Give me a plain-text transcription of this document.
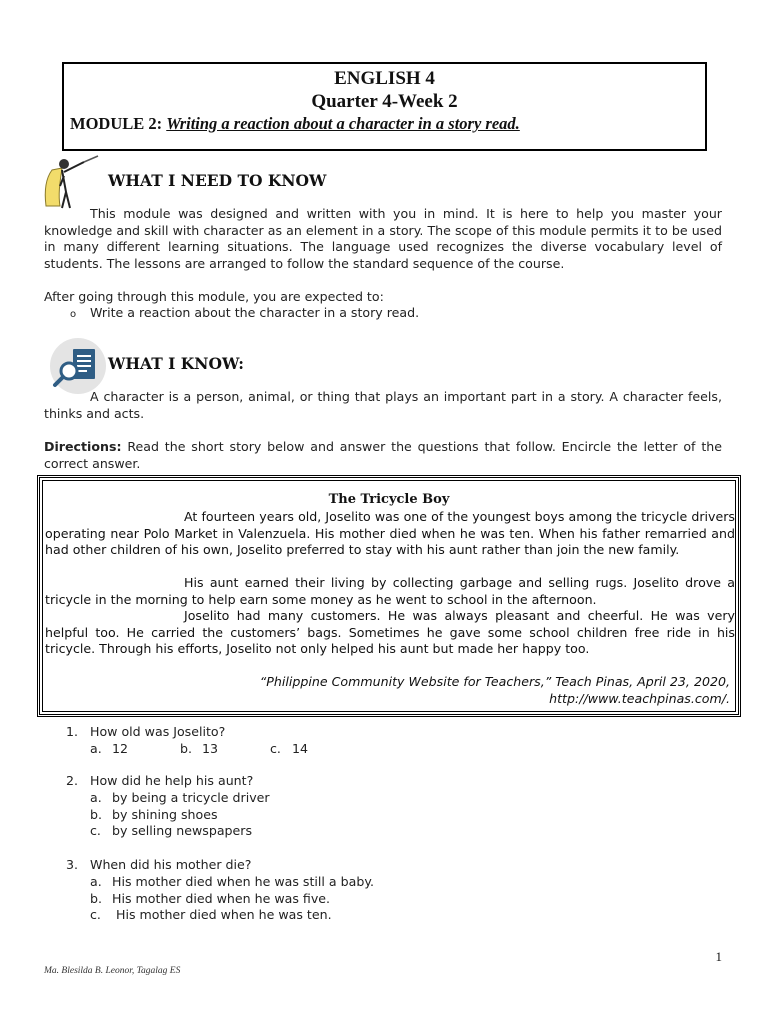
ENGLISH 4
Quarter 4-Week 2
MODULE 2: Writing a reaction about a character in a story read.
WHAT I NEED TO KNOW
This module was designed and written with you in mind. It is here to help you master your knowledge and skill with character as an element in a story. The scope of this module permits it to be used in many different learning situations. The language used recognizes the diverse vocabulary level of students. The lessons are arranged to follow the standard sequence of the course.
After going through this module, you are expected to:
o Write a reaction about the character in a story read.
WHAT I KNOW:
A character is a person, animal, or thing that plays an important part in a story. A character feels, thinks and acts.
Directions: Read the short story below and answer the questions that follow. Encircle the letter of the correct answer.
The Tricycle Boy
At fourteen years old, Joselito was one of the youngest boys among the tricycle drivers operating near Polo Market in Valenzuela. His mother died when he was ten. When his father remarried and had other children of his own, Joselito preferred to stay with his aunt rather than join the new family.
His aunt earned their living by collecting garbage and selling rugs. Joselito drove a tricycle in the morning to help earn some money as he went to school in the afternoon.
Joselito had many customers. He was always pleasant and cheerful. He was very helpful too. He carried the customers’ bags. Sometimes he gave some school children free ride in his tricycle. Through his efforts, Joselito not only helped his aunt but made her happy too.
“Philippine Community Website for Teachers,” Teach Pinas, April 23, 2020,
http://www.teachpinas.com/.
1. How old was Joselito?
a. 12	b. 13	c. 14
2. How did he help his aunt?
a. by being a tricycle driver
b. by shining shoes
c. by selling newspapers
3. When did his mother die?
a. His mother died when he was still a baby.
b. His mother died when he was five.
c. His mother died when he was ten.
1
Ma. Blesilda B. Leonor, Tagalag ES
